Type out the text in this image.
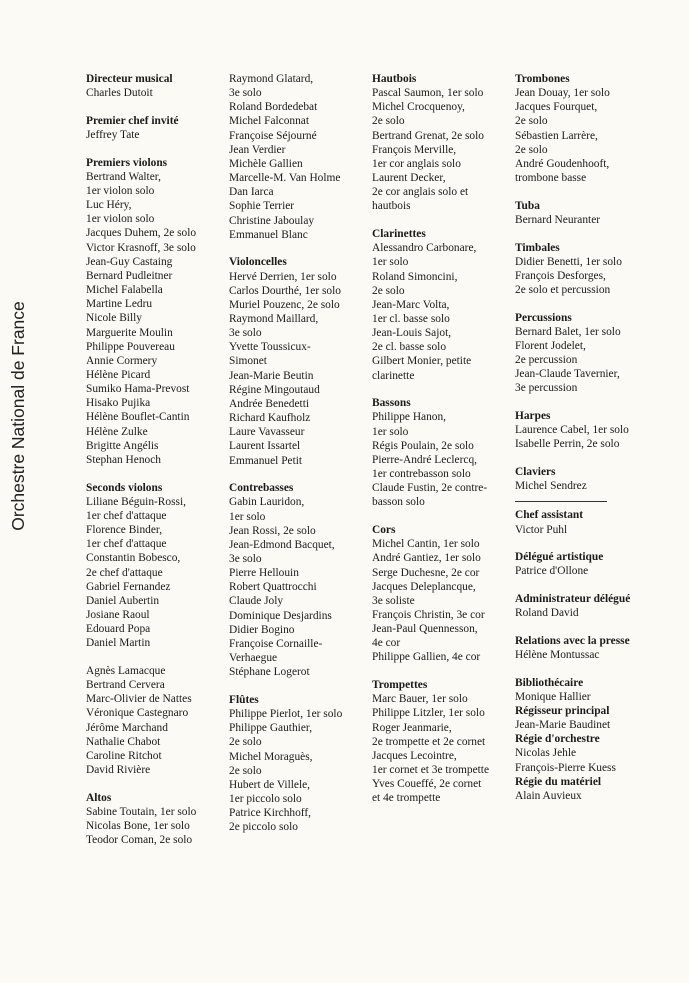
Orchestre National de France
Directeur musical
Charles Dutoit
Premier chef invité
Jeffrey Tate
Premiers violons
Bertrand Walter,
1er violon solo
Luc Héry,
1er violon solo
Jacques Duhem, 2e solo
Victor Krasnoff, 3e solo
Jean-Guy Castaing
Bernard Pudleitner
Michel Falabella
Martine Ledru
Nicole Billy
Marguerite Moulin
Philippe Pouvereau
Annie Cormery
Hélène Picard
Sumiko Hama-Prevost
Hisako Pujika
Hélène Bouflet-Cantin
Hélène Zulke
Brigitte Angélis
Stephan Henoch
Seconds violons
Liliane Béguin-Rossi,
1er chef d'attaque
Florence Binder,
1er chef d'attaque
Constantin Bobesco,
2e chef d'attaque
Gabriel Fernandez
Daniel Aubertin
Josiane Raoul
Edouard Popa
Daniel Martin
Agnès Lamacque
Bertrand Cervera
Marc-Olivier de Nattes
Véronique Castegnaro
Jérôme Marchand
Nathalie Chabot
Caroline Ritchot
David Rivière
Altos
Sabine Toutain, 1er solo
Nicolas Bone, 1er solo
Teodor Coman, 2e solo
Raymond Glatard,
3e solo
Roland Bordedebat
Michel Falconnat
Françoise Séjourné
Jean Verdier
Michèle Gallien
Marcelle-M. Van Holme
Dan Iarca
Sophie Terrier
Christine Jaboulay
Emmanuel Blanc
Violoncelles
Hervé Derrien, 1er solo
Carlos Dourthé, 1er solo
Muriel Pouzenc, 2e solo
Raymond Maillard,
3e solo
Yvette Toussicux-
Simonet
Jean-Marie Beutin
Régine Mingoutaud
Andrée Benedetti
Richard Kaufholz
Laure Vavasseur
Laurent Issartel
Emmanuel Petit
Contrebasses
Gabin Lauridon,
1er solo
Jean Rossi, 2e solo
Jean-Edmond Bacquet,
3e solo
Pierre Hellouin
Robert Quattrocchi
Claude Joly
Dominique Desjardins
Didier Bogino
Françoise Cornaille-
Verhaegue
Stéphane Logerot
Flûtes
Philippe Pierlot, 1er solo
Philippe Gauthier,
2e solo
Michel Moraguès,
2e solo
Hubert de Villele,
1er piccolo solo
Patrice Kirchhoff,
2e piccolo solo
Hautbois
Pascal Saumon, 1er solo
Michel Crocquenoy,
2e solo
Bertrand Grenat, 2e solo
François Merville,
1er cor anglais solo
Laurent Decker,
2e cor anglais solo et
hautbois
Clarinettes
Alessandro Carbonare,
1er solo
Roland Simoncini,
2e solo
Jean-Marc Volta,
1er cl. basse solo
Jean-Louis Sajot,
2e cl. basse solo
Gilbert Monier, petite
clarinette
Bassons
Philippe Hanon,
1er solo
Régis Poulain, 2e solo
Pierre-André Leclercq,
1er contrebasson solo
Claude Fustin, 2e contre-
basson solo
Cors
Michel Cantin, 1er solo
André Gantiez, 1er solo
Serge Duchesne, 2e cor
Jacques Deleplancque,
3e soliste
François Christin, 3e cor
Jean-Paul Quennesson,
4e cor
Philippe Gallien, 4e cor
Trompettes
Marc Bauer, 1er solo
Philippe Litzler, 1er solo
Roger Jeanmarie,
2e trompette et 2e cornet
Jacques Lecointre,
1er cornet et 3e trompette
Yves Coueffé, 2e cornet
et 4e trompette
Trombones
Jean Douay, 1er solo
Jacques Fourquet,
2e solo
Sébastien Larrère,
2e solo
André Goudenhooft,
trombone basse
Tuba
Bernard Neuranter
Timbales
Didier Benetti, 1er solo
François Desforges,
2e solo et percussion
Percussions
Bernard Balet, 1er solo
Florent Jodelet,
2e percussion
Jean-Claude Tavernier,
3e percussion
Harpes
Laurence Cabel, 1er solo
Isabelle Perrin, 2e solo
Claviers
Michel Sendrez
Chef assistant
Victor Puhl
Délégué artistique
Patrice d'Ollone
Administrateur délégué
Roland David
Relations avec la presse
Hélène Montussac
Bibliothécaire
Monique Hallier
Régisseur principal
Jean-Marie Baudinet
Régie d'orchestre
Nicolas Jehle
François-Pierre Kuess
Régie du matériel
Alain Auvieux
